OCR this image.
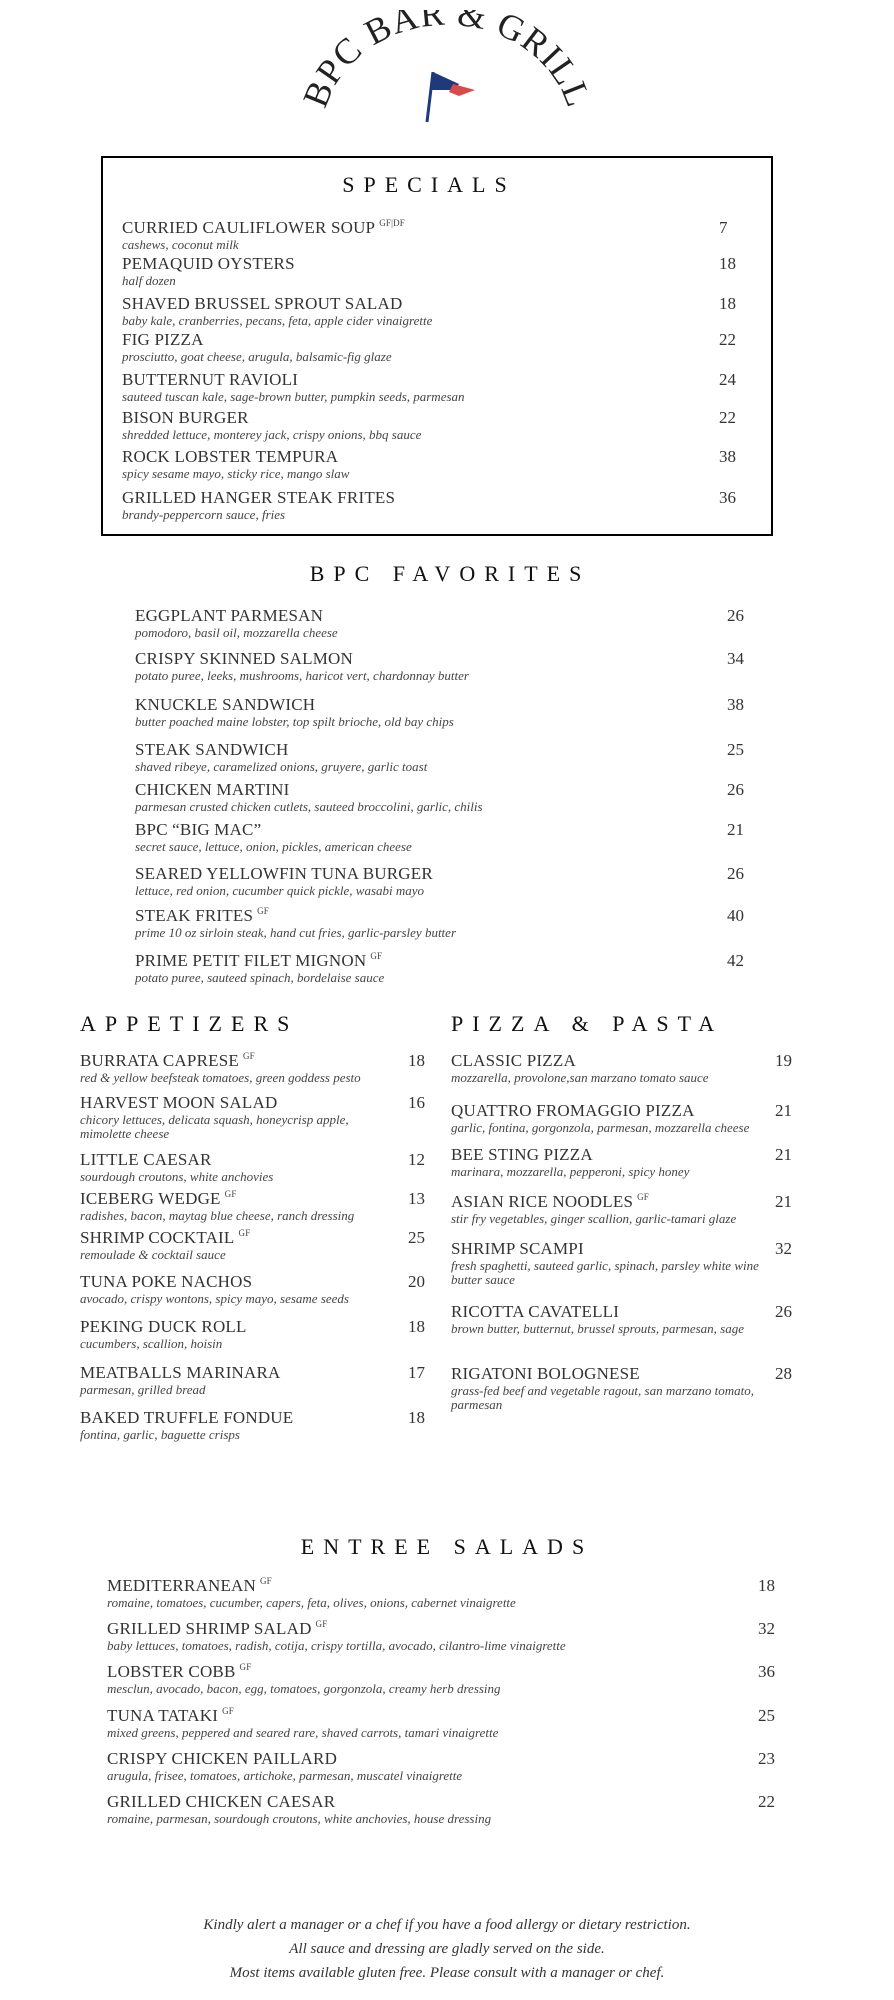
BPC BAR & GRILL
SPECIALS
CURRIED CAULIFLOWER SOUP $^{GF|DF}$
cashews, coconut milk
7
PEMAQUID OYSTERS
half dozen
18
SHAVED BRUSSEL SPROUT SALAD
baby kale, cranberries, pecans, feta, apple cider vinaigrette
18
FIG PIZZA
prosciutto, goat cheese, arugula, balsamic-fig glaze
22
BUTTERNUT RAVIOLI
sauteed tuscan kale, sage-brown butter, pumpkin seeds, parmesan
24
BISON BURGER
shredded lettuce, monterey jack, crispy onions, bbq sauce
22
ROCK LOBSTER TEMPURA
spicy sesame mayo, sticky rice, mango slaw
38
GRILLED HANGER STEAK FRITES
brandy-peppercorn sauce, fries
36
BPC FAVORITES
EGGPLANT PARMESAN
pomodoro, basil oil, mozzarella cheese
26
CRISPY SKINNED SALMON
potato puree, leeks, mushrooms, haricot vert, chardonnay butter
34
KNUCKLE SANDWICH
butter poached maine lobster, top spilt brioche, old bay chips
38
STEAK SANDWICH
shaved ribeye, caramelized onions, gruyere, garlic toast
25
CHICKEN MARTINI
parmesan crusted chicken cutlets, sauteed broccolini, garlic, chilis
26
BPC “BIG MAC”
secret sauce, lettuce, onion, pickles, american cheese
21
SEARED YELLOWFIN TUNA BURGER
lettuce, red onion, cucumber quick pickle, wasabi mayo
26
STEAK FRITES $^{GF}$
prime 10 oz sirloin steak, hand cut fries, garlic-parsley butter
40
PRIME PETIT FILET MIGNON $^{GF}$
potato puree, sauteed spinach, bordelaise sauce
42
APPETIZERS
BURRATA CAPRESE $^{GF}$
red & yellow beefsteak tomatoes, green goddess pesto
18
HARVEST MOON SALAD
chicory lettuces, delicata squash, honeycrisp apple, mimolette cheese
16
LITTLE CAESAR
sourdough croutons, white anchovies
12
ICEBERG WEDGE $^{GF}$
radishes, bacon, maytag blue cheese, ranch dressing
13
SHRIMP COCKTAIL $^{GF}$
remoulade & cocktail sauce
25
TUNA POKE NACHOS
avocado, crispy wontons, spicy mayo, sesame seeds
20
PEKING DUCK ROLL
cucumbers, scallion, hoisin
18
MEATBALLS MARINARA
parmesan, grilled bread
17
BAKED TRUFFLE FONDUE
fontina, garlic, baguette crisps
18
PIZZA & PASTA
CLASSIC PIZZA
mozzarella, provolone,san marzano tomato sauce
19
QUATTRO FROMAGGIO PIZZA
garlic, fontina, gorgonzola, parmesan, mozzarella cheese
21
BEE STING PIZZA
marinara, mozzarella, pepperoni, spicy honey
21
ASIAN RICE NOODLES $^{GF}$
stir fry vegetables, ginger scallion, garlic-tamari glaze
21
SHRIMP SCAMPI
fresh spaghetti, sauteed garlic, spinach, parsley white wine butter sauce
32
RICOTTA CAVATELLI
brown butter, butternut, brussel sprouts, parmesan, sage
26
RIGATONI BOLOGNESE
grass-fed beef and vegetable ragout, san marzano tomato, parmesan
28
ENTREE SALADS
MEDITERRANEAN $^{GF}$
romaine, tomatoes, cucumber, capers, feta, olives, onions, cabernet vinaigrette
18
GRILLED SHRIMP SALAD $^{GF}$
baby lettuces, tomatoes, radish, cotija, crispy tortilla, avocado, cilantro-lime vinaigrette
32
LOBSTER COBB $^{GF}$
mesclun, avocado, bacon, egg, tomatoes, gorgonzola, creamy herb dressing
36
TUNA TATAKI $^{GF}$
mixed greens, peppered and seared rare, shaved carrots, tamari vinaigrette
25
CRISPY CHICKEN PAILLARD
arugula, frisee, tomatoes, artichoke, parmesan, muscatel vinaigrette
23
GRILLED CHICKEN CAESAR
romaine, parmesan, sourdough croutons, white anchovies, house dressing
22
Kindly alert a manager or a chef if you have a food allergy or dietary restriction.
All sauce and dressing are gladly served on the side.
Most items available gluten free. Please consult with a manager or chef.
